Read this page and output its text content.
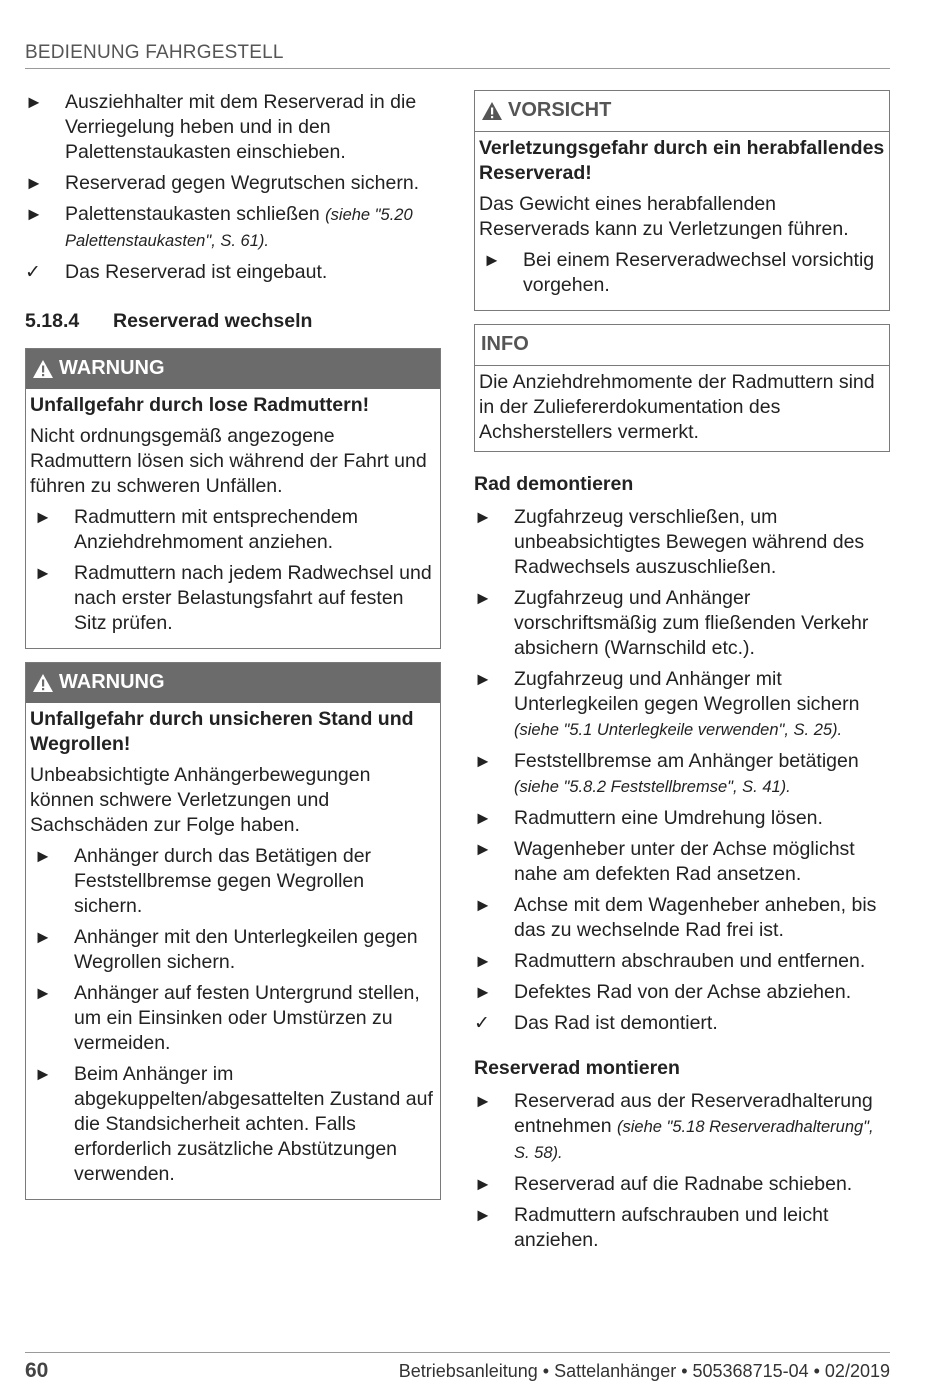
BEDIENUNG FAHRGESTELL
►	Ausziehhalter mit dem Reserverad in die Verriegelung heben und in den Palettenstaukasten einschieben.
►	Reserverad gegen Wegrutschen sichern.
►	Palettenstaukasten schließen (siehe "5.20 Palettenstaukasten", S. 61).
✓	Das Reserverad ist eingebaut.
5.18.4 Reserverad wechseln
WARNUNG
Unfallgefahr durch lose Radmuttern!
Nicht ordnungsgemäß angezogene Radmuttern lösen sich während der Fahrt und führen zu schweren Unfällen.
►	Radmuttern mit entsprechendem Anziehdrehmoment anziehen.
►	Radmuttern nach jedem Radwechsel und nach erster Belastungsfahrt auf festen Sitz prüfen.
WARNUNG
Unfallgefahr durch unsicheren Stand und Wegrollen!
Unbeabsichtigte Anhängerbewegungen können schwere Verletzungen und Sachschäden zur Folge haben.
►	Anhänger durch das Betätigen der Feststellbremse gegen Wegrollen sichern.
►	Anhänger mit den Unterlegkeilen gegen Wegrollen sichern.
►	Anhänger auf festen Untergrund stellen, um ein Einsinken oder Umstürzen zu vermeiden.
►	Beim Anhänger im abgekuppelten/abgesattelten Zustand auf die Standsicherheit achten. Falls erforderlich zusätzliche Abstützungen verwenden.
VORSICHT
Verletzungsgefahr durch ein herabfallendes Reserverad!
Das Gewicht eines herabfallenden Reserverads kann zu Verletzungen führen.
►	Bei einem Reserveradwechsel vorsichtig vorgehen.
INFO
Die Anziehdrehmomente der Radmuttern sind in der Zuliefererdokumentation des Achsherstellers vermerkt.
Rad demontieren
►	Zugfahrzeug verschließen, um unbeabsichtigtes Bewegen während des Radwechsels auszuschließen.
►	Zugfahrzeug und Anhänger vorschriftsmäßig zum fließenden Verkehr absichern (Warnschild etc.).
►	Zugfahrzeug und Anhänger mit Unterlegkeilen gegen Wegrollen sichern (siehe "5.1 Unterlegkeile verwenden", S. 25).
►	Feststellbremse am Anhänger betätigen (siehe "5.8.2 Feststellbremse", S. 41).
►	Radmuttern eine Umdrehung lösen.
►	Wagenheber unter der Achse möglichst nahe am defekten Rad ansetzen.
►	Achse mit dem Wagenheber anheben, bis das zu wechselnde Rad frei ist.
►	Radmuttern abschrauben und entfernen.
►	Defektes Rad von der Achse abziehen.
✓	Das Rad ist demontiert.
Reserverad montieren
►	Reserverad aus der Reserveradhalterung entnehmen (siehe "5.18 Reserveradhalterung", S. 58).
►	Reserverad auf die Radnabe schieben.
►	Radmuttern aufschrauben und leicht anziehen.
60	Betriebsanleitung • Sattelanhänger • 505368715-04 • 02/2019
